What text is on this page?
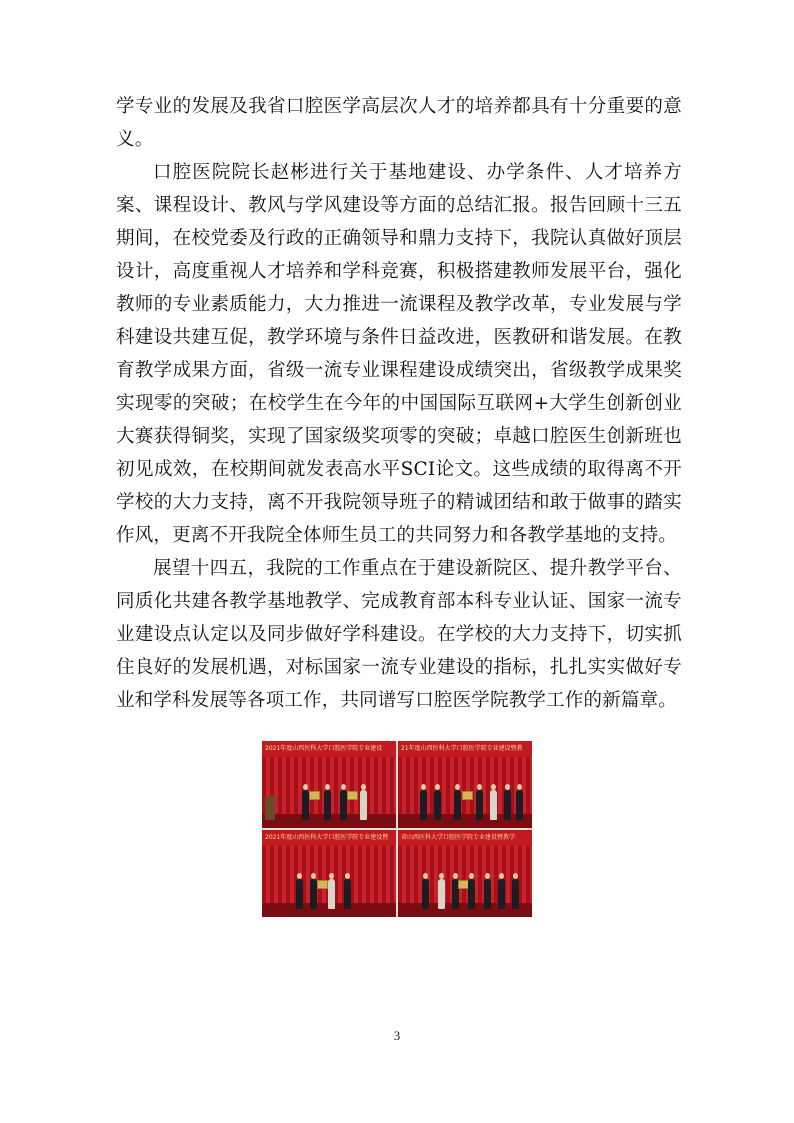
学专业的发展及我省口腔医学高层次人才的培养都具有十分重要的意义。

口腔医院院长赵彬进行关于基地建设、办学条件、人才培养方案、课程设计、教风与学风建设等方面的总结汇报。报告回顾十三五期间，在校党委及行政的正确领导和鼎力支持下，我院认真做好顶层设计，高度重视人才培养和学科竞赛，积极搭建教师发展平台，强化教师的专业素质能力，大力推进一流课程及教学改革，专业发展与学科建设共建互促，教学环境与条件日益改进，医教研和谐发展。在教育教学成果方面，省级一流专业课程建设成绩突出，省级教学成果奖实现零的突破；在校学生在今年的中国国际互联网+大学生创新创业大赛获得铜奖，实现了国家级奖项零的突破；卓越口腔医生创新班也初见成效，在校期间就发表高水平SCI论文。这些成绩的取得离不开学校的大力支持，离不开我院领导班子的精诚团结和敢于做事的踏实作风，更离不开我院全体师生员工的共同努力和各教学基地的支持。

展望十四五，我院的工作重点在于建设新院区、提升教学平台、同质化共建各教学基地教学、完成教育部本科专业认证、国家一流专业建设点认定以及同步做好学科建设。在学校的大力支持下，切实抓住良好的发展机遇，对标国家一流专业建设的指标，扎扎实实做好专业和学科发展等各项工作，共同谱写口腔医学院教学工作的新篇章。

2021年度山西医科大学口腔医学院专业建设	21年度山西医科大学口腔医学院专业建设暨教
2021年度山西医科大学口腔医学院专业建设暨	省山西医科大学口腔医学院专业建设暨教学
3
